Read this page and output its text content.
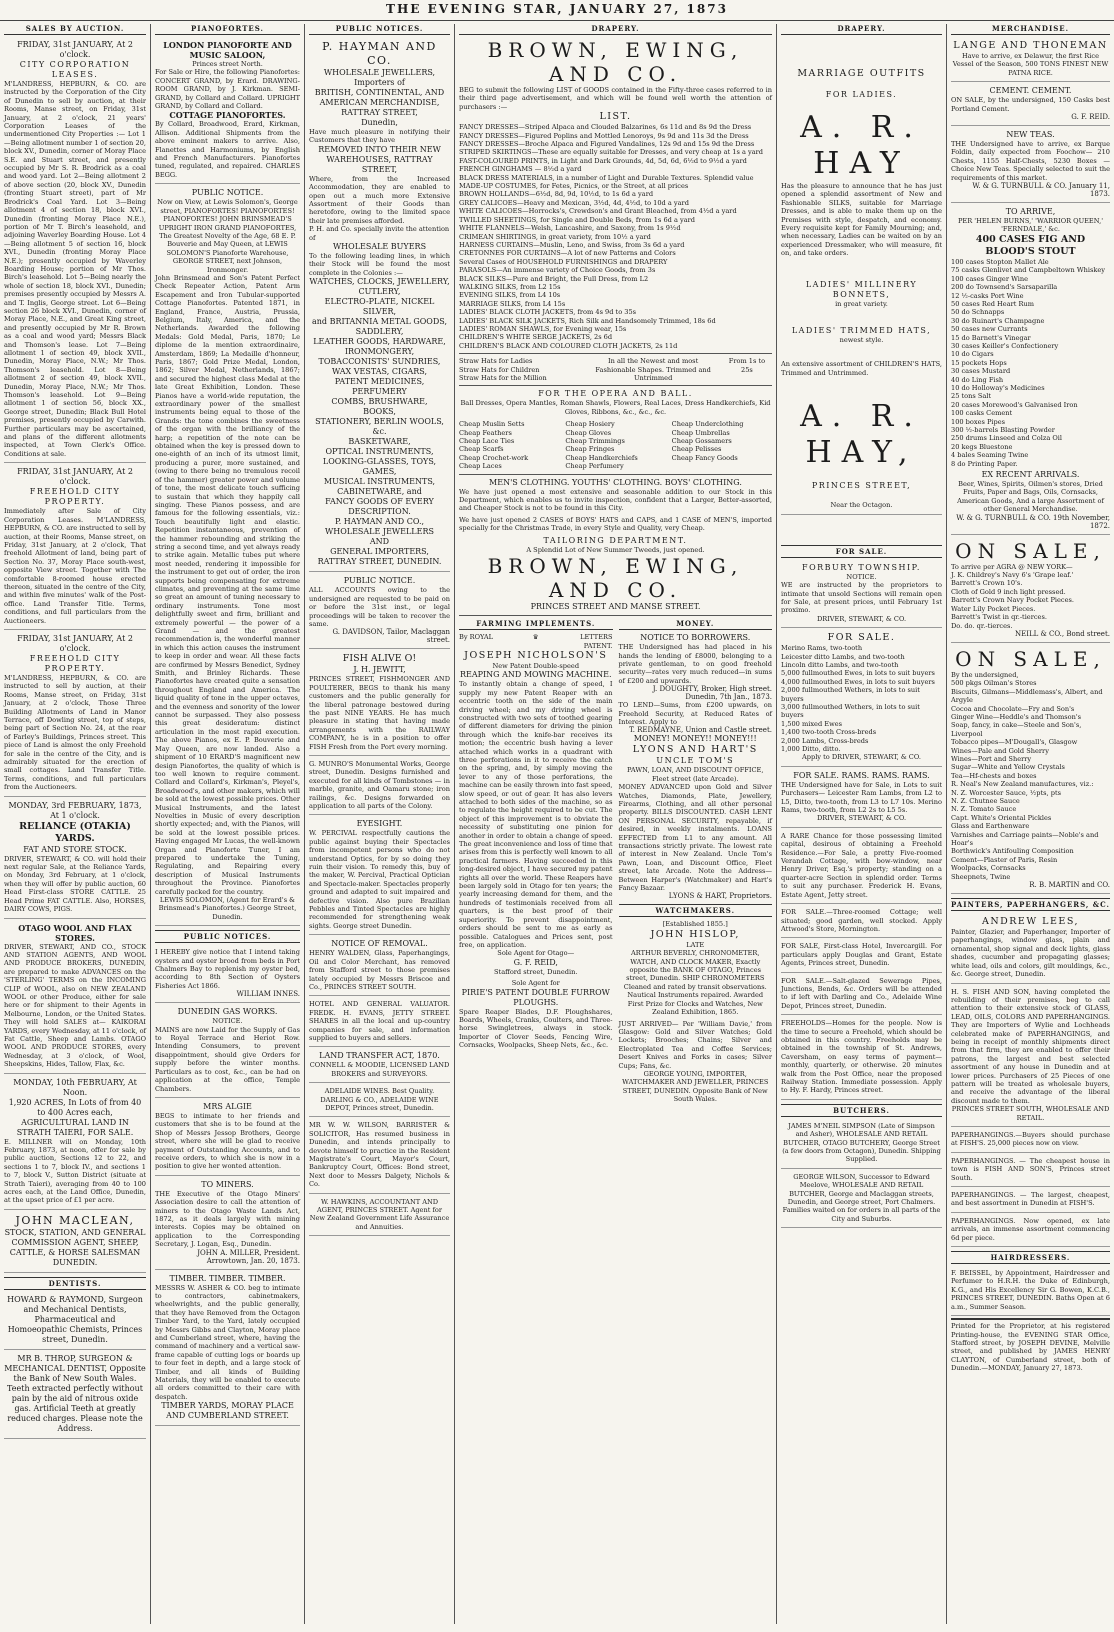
THE EVENING STAR, JANUARY 27, 1873
SALES BY AUCTION.
FRIDAY, 31st JANUARY, At 2 o'clock.
CITY CORPORATION LEASES.
M'LANDRESS, HEPBURN, & CO. are instructed by the Corporation of the City of Dunedin to sell by auction, at their Rooms, Manse street, on Friday, 31st January, at 2 o'clock, 21 years' Corporation Leases of the undermentioned City Properties :— Lot 1—Being allotment number 1 of section 20, block XV., Dunedin, corner of Moray Place S.E. and Stuart street, and presently occupied by Mr S. R. Brodrick as a coal and wood yard. Lot 2—Being allotment 2 of above section (20, block XV., Dunedin (fronting Stuart street), part of Mr Brodrick's Coal Yard. Lot 3—Being allotment 4 of section 18, block XVI., Dunedin (fronting Moray Place N.E.), portion of Mr T. Birch's leasehold, and adjoining Waverley Boarding House. Lot 4—Being allotment 5 of section 16, block XVI., Dunedin (fronting Moray Place N.E.); presently occupied by Waverley Boarding House; portion of Mr Thos. Birch's leasehold. Lot 5—Being nearly the whole of section 18, block XVI., Dunedin; premises presently occupied by Messrs A. and T. Inglis, George street. Lot 6—Being section 26 block XVI., Dunedin, corner of Moray Place, N.E., and Great King street, and presently occupied by Mr R. Brown as a coal and wood yard; Messrs Black and Thomson's lease. Lot 7—Being allotment 1 of section 49, block XVII., Dunedin, Moray Place, N.W.; Mr Thos. Thomson's leasehold. Lot 8—Being allotment 2 of section 49, block XVII., Dunedin, Moray Place, N.W.; Mr Thos. Thomson's leasehold. Lot 9—Being allotment 1 of section 56, block XX., George street, Dunedin; Black Bull Hotel premises, presently occupied by Carwith. Further particulars may be ascertained, and plans of the different allotments inspected, at Town Clerk's Office. Conditions at sale.
FRIDAY, 31st JANUARY, At 2 o'clock.
FREEHOLD CITY PROPERTY.
Immediately after Sale of City Corporation Leases. M'LANDRESS, HEPBURN, & CO. are instructed to sell by auction, at their Rooms, Manse street, on Friday, 31st January, at 2 o'clock, That freehold Allotment of land, being part of Section No. 37, Moray Place south-west, opposite View street. Together with The comfortable 8-roomed house erected thereon, situated in the centre of the City, and within five minutes' walk of the Post-office. Land Transfer Title. Terms, conditions, and full particulars from the Auctioneers.
FRIDAY, 31st JANUARY, At 2 o'clock.
FREEHOLD CITY PROPERTY.
M'LANDRESS, HEPBURN, & CO. are instructed to sell by auction, at their Rooms, Manse street, on Friday, 31st January, at 2 o'clock, Those Three Building Allotments of Land in Manor Terrace, off Dowling street, top of steps, being part of Section No. 24, at the rear of Farley's Buildings, Princes street. This piece of Land is almost the only Freehold for sale in the centre of the City, and is admirably situated for the erection of small cottages. Land Transfer Title. Terms, conditions, and full particulars from the Auctioneers.
MONDAY, 3rd FEBRUARY, 1873, At 1 o'clock.
RELIANCE (OTAKIA) YARDS.
FAT AND STORE STOCK.
DRIVER, STEWART, & CO. will hold their next regular Sale, at the Reliance Yards, on Monday, 3rd February, at 1 o'clock, when they will offer by public auction, 60 Head First-class STORE CATTLE. 25 Head Prime FAT CATTLE. Also, HORSES, DAIRY COWS, PIGS.
OTAGO WOOL AND FLAX STORES.
DRIVER, STEWART, AND CO., STOCK AND STATION AGENTS, AND WOOL AND PRODUCE BROKERS, DUNEDIN, are prepared to make ADVANCES on the 'STERLING' TERMS on the INCOMING CLIP of WOOL, also on NEW ZEALAND WOOL or other Produce, either for sale here or for shipment to their Agents in Melbourne, London, or the United States. They will hold SALES at— KAIKORAI YARDS, every Wednesday, at 11 o'clock, of Fat Cattle, Sheep and Lambs. OTAGO WOOL AND PRODUCE STORES, every Wednesday, at 3 o'clock, of Wool, Sheepskins, Hides, Tallow, Flax, &c.
MONDAY, 10th FEBRUARY, At Noon.
1,920 ACRES, In Lots of from 40 to 400 Acres each, AGRICULTURAL LAND IN STRATH TAIERI, FOR SALE.
E. MILLNER will on Monday, 10th February, 1873, at noon, offer for sale by public auction, Sections 12 to 22, and sections 1 to 7, block IV., and sections 1 to 7, block V., Sutton District (situate at Strath Taieri), averaging from 40 to 100 acres each, at the Land Office, Dunedin, at the upset price of £1 per acre.
JOHN MACLEAN,
STOCK, STATION, AND GENERAL COMMISSION AGENT, SHEEP, CATTLE, & HORSE SALESMAN DUNEDIN.
DENTISTS.
HOWARD & RAYMOND, Surgeon and Mechanical Dentists, Pharmaceutical and Homoeopathic Chemists, Princes street, Dunedin.
MR B. THROP, SURGEON & MECHANICAL DENTIST, Opposite the Bank of New South Wales. Teeth extracted perfectly without pain by the aid of nitrous oxide gas. Artificial Teeth at greatly reduced charges. Please note the Address.
PIANOFORTES.
LONDON PIANOFORTE AND MUSIC SALOON,
Princes street North.
For Sale or Hire, the following Pianofortes: CONCERT GRAND, by Erard. DRAWING-ROOM GRAND, by J. Kirkman. SEMI-GRAND, by Collard and Collard. UPRIGHT GRAND, by Collard and Collard.
COTTAGE PIANOFORTES.
By Collard, Broadwood, Erard, Kirkman, Allison. Additional Shipments from the above eminent makers to arrive. Also, Flanettes and Harmoniums, by English and French Manufacturers. Pianofortes tuned, regulated, and repaired. CHARLES BEGG.
PUBLIC NOTICE.
Now on View, at Lewis Solomon's, George street, PIANOFORTES! PIANOFORTES! PIANOFORTES! JOHN BRINSMEAD'S UPRIGHT IRON GRAND PIANOFORTES, The Greatest Novelty of the Age, 68 E. P. Bouverie and May Queen, at LEWIS SOLOMON'S Pianoforte Warehouse, GEORGE STREET, next Johnson, Ironmonger.
John Brinsmead and Son's Patent Perfect Check Repeater Action, Patent Arm Escapement and Iron Tubular-supported Cottage Pianofortes. Patented 1871, in England, France, Austria, Prussia, Belgium, Italy, America, and the Netherlands. Awarded the following Medals: Gold Medal, Paris, 1870; Le diplome de la mention extraordinaire, Amsterdam, 1869; La Medaille d'honneur, Paris, 1867; Gold Prize Medal, London, 1862; Silver Medal, Netherlands, 1867; and secured the highest class Medal at the late Great Exhibition, London. These Pianos have a world-wide reputation, the extraordinary power of the smallest instruments being equal to those of the Grands: the tone combines the sweetness of the organ with the brilliancy of the harp; a repetition of the note can be obtained when the key is pressed down to one-eighth of an inch of its utmost limit, producing a purer, more sustained, and (owing to there being no tremulous recoil of the hammer) greater power and volume of tone, the most delicate touch sufficing to sustain that which they happily call singing. These Pianos possess, and are famous for the following essentials, viz.: Touch beautifully light and elastic. Repetition instantaneous, prevention of the hammer rebounding and striking the string a second time, and yet always ready to strike again. Metallic tubes put where most needed, rendering it impossible for the instrument to get out of order, the iron supports being compensating for extreme climates, and preventing at the same time so great an amount of tuning necessary to ordinary instruments. Tone most delightfully sweet and firm, brilliant and extremely powerful — the power of a Grand — and the greatest recommendation is, the wonderful manner in which this action causes the instrument to keep in order and wear. All these facts are confirmed by Messrs Benedict, Sydney Smith, and Brinley Richards. These Pianofortes have created quite a sensation throughout England and America. The liquid quality of tone in the upper octaves, and the evenness and sonority of the lower cannot be surpassed. They also possess this great desideratum: distinct articulation in the most rapid execution. The above Pianos, ex E. P. Bouverie and May Queen, are now landed. Also a shipment of 10 ERARD'S magnificent new design Pianofortes, the quality of which is too well known to require comment. Collard and Collard's, Kirkman's, Pleyel's, Broadwood's, and other makers, which will be sold at the lowest possible prices. Other Musical Instruments, and the latest Novelties in Music of every description shortly expected; and, with the Pianos, will be sold at the lowest possible prices. Having engaged Mr Lucas, the well-known Organ and Pianoforte Tuner, I am prepared to undertake the Tuning, Regulating, and Repairing every description of Musical Instruments throughout the Province. Pianofortes carefully packed for the country.
LEWIS SOLOMON, (Agent for Erard's & Brinsmead's Pianofortes.) George Street, Dunedin.
PUBLIC NOTICES.
I HEREBY give notice that I intend taking oysters and oyster brood from beds in Port Chalmers Bay to replenish my oyster bed, according to 8th Section of Oysters Fisheries Act 1866.
WILLIAM INNES.
DUNEDIN GAS WORKS.
NOTICE.
MAINS are now Laid for the Supply of Gas to Royal Terrace and Heriot Row. Intending Consumers, to prevent disappointment, should give Orders for supply before the winter months. Particulars as to cost, &c., can be had on application at the office, Temple Chambers.
MRS ALGIE
BEGS to intimate to her friends and customers that she is to be found at the Shop of Messrs Jessop Brothers, George street, where she will be glad to receive payment of Outstanding Accounts, and to receive orders, to which she is now in a position to give her wonted attention.
TO MINERS.
THE Executive of the Otago Miners' Association desire to call the attention of miners to the Otago Waste Lands Act, 1872, as it deals largely with mining interests. Copies may be obtained on application to the Corresponding Secretary, J. Logan, Esq., Dunedin.
JOHN A. MILLER, President. Arrowtown, Jan. 20, 1873.
TIMBER. TIMBER. TIMBER.
MESSRS W. ASHER & CO. beg to intimate to contractors, cabinetmakers, wheelwrights, and the public generally, that they have Removed from the Octagon Timber Yard, to the Yard, lately occupied by Messrs Gibbs and Clayton, Moray place and Cumberland street, where, having the command of machinery and a vertical saw-frame capable of cutting logs or boards up to four feet in depth, and a large stock of Timber, and all kinds of Building Materials, they will be enabled to execute all orders committed to their care with despatch.
TIMBER YARDS, MORAY PLACE AND CUMBERLAND STREET.
PUBLIC NOTICES.
P. HAYMAN AND CO.
WHOLESALE JEWELLERS,
Importers of
BRITISH, CONTINENTAL, AND
AMERICAN MERCHANDISE,
RATTRAY STREET,
Dunedin,
Have much pleasure in notifying their Customers that they have
REMOVED INTO THEIR NEW WAREHOUSES, RATTRAY STREET,
Where, from the Increased Accommodation, they are enabled to open out a much more Extensive Assortment of their Goods than heretofore, owing to the limited space their late premises afforded.
P. H. and Co. specially invite the attention of
WHOLESALE BUYERS
To the following leading lines, in which their Stock will be found the most complete in the Colonies :—
WATCHES, CLOCKS, JEWELLERY,
CUTLERY,
ELECTRO-PLATE, NICKEL SILVER,
and BRITANNIA METAL GOODS,
SADDLERY,
LEATHER GOODS, HARDWARE,
IRONMONGERY,
TOBACCONISTS' SUNDRIES,
WAX VESTAS, CIGARS,
PATENT MEDICINES, PERFUMERY
COMBS, BRUSHWARE,
BOOKS,
STATIONERY, BERLIN WOOLS, &c.
BASKETWARE,
OPTICAL INSTRUMENTS,
LOOKING-GLASSES, TOYS, GAMES,
MUSICAL INSTRUMENTS,
CABINETWARE, and
FANCY GOODS OF EVERY DESCRIPTION.
P. HAYMAN AND CO.,
WHOLESALE JEWELLERS
AND
GENERAL IMPORTERS,
RATTRAY STREET, DUNEDIN.
PUBLIC NOTICE.
ALL ACCOUNTS owing to the undersigned are requested to be paid on or before the 31st inst., or legal proceedings will be taken to recover the same.
G. DAVIDSON, Tailor, Maclaggan street.
FISH ALIVE O!
J. H. JEWITT,
PRINCES STREET, FISHMONGER AND POULTERER, BEGS to thank his many customers and the public generally for the liberal patronage bestowed during the past NINE YEARS. He has much pleasure in stating that having made arrangements with the RAILWAY COMPANY, he is in a position to offer FISH Fresh from the Port every morning.
G. MUNRO'S Monumental Works, George street, Dunedin. Designs furnished and executed for all kinds of Tombstones — in marble, granite, and Oamaru stone; iron railings, &c. Designs forwarded on application to all parts of the Colony.
EYESIGHT.
W. PERCIVAL respectfully cautions the public against buying their Spectacles from incompetent persons who do not understand Optics, for by so doing they ruin their vision. To remedy this, buy of the maker, W. Percival, Practical Optician and Spectacle-maker. Spectacles properly ground and adapted to suit impaired and defective vision. Also pure Brazilian Pebbles and Tinted Spectacles are highly recommended for strengthening weak sights. George street Dunedin.
NOTICE OF REMOVAL.
HENRY WALDEN, Glass, Paperhangings, Oil and Color Merchant, has removed from Stafford street to those premises lately occupied by Messrs Briscoe and Co., PRINCES STREET SOUTH.
HOTEL AND GENERAL VALUATOR. FREDK. H. EVANS, JETTY STREET. SHARES in all the local and up-country companies for sale, and information supplied to buyers and sellers.
LAND TRANSFER ACT, 1870.
CONNELL & MOODIE, LICENSED LAND BROKERS and SURVEYORS.
ADELAIDE WINES. Best Quality. DARLING & CO., ADELAIDE WINE DEPOT, Princes street, Dunedin.
MR W. W. WILSON, BARRISTER & SOLICITOR, Has resumed business in Dunedin, and intends principally to devote himself to practice in the Resident Magistrate's Court, Mayor's Court, Bankruptcy Court, Offices: Bond street, Next door to Messrs Dalgety, Nichols & Co.
W. HAWKINS, ACCOUNTANT AND AGENT, PRINCES STREET. Agent for New Zealand Government Life Assurance and Annuities.
DRAPERY.
BROWN, EWING, AND CO.
BEG to submit the following LIST of GOODS contained in the Fifty-three cases referred to in their third page advertisement, and which will be found well worth the attention of purchasers :—
LIST.
FANCY DRESSES—Striped Alpaca and Clouded Balzarines, 6s 11d and 8s 9d the Dress
FANCY DRESSES—Figured Poplins and Mottled Lenoroys, 9s 9d and 11s 3d the Dress
FANCY DRESSES—Broche Alpaca and Figured Vandalines, 12s 9d and 15s 9d the Dress
STRIPED SKIRTINGS—These are equally suitable for Dresses, and very cheap at 1s a yard
FAST-COLOURED PRINTS, in Light and Dark Grounds, 4d, 5d, 6d, 6½d to 9½d a yard
FRENCH GINGHAMS — 8½d a yard
BLACK DRESS MATERIALS, in a number of Light and Durable Textures. Splendid value
MADE-UP COSTUMES, for Fetes, Picnics, or the Street, at all prices
BROWN HOLLANDS—6½d, 8d, 9d, 10½d, to 1s 6d a yard
GREY CALICOES—Heavy and Mexican, 3½d, 4d, 4½d, to 10d a yard
WHITE CALICOES—Horrocks's, Crewdson's and Grant Bleached, from 4½d a yard
TWILLED SHEETINGS, for Single and Double Beds, from 1s 6d a yard
WHITE FLANNELS—Welsh, Lancashire, and Saxony, from 1s 9½d
CRIMEAN SHIRTINGS, in great variety, from 10½ a yard
HARNESS CURTAINS—Muslin, Leno, and Swiss, from 3s 6d a yard
CRETONNES FOR CURTAINS—A lot of new Patterns and Colors
Several Cases of HOUSEHOLD FURNISHINGS and DRAPERY
PARASOLS—An immense variety of Choice Goods, from 3s
BLACK SILKS—Pure and Bright, the Full Dress, from L2
WALKING SILKS, from L2 15s
EVENING SILKS, from L4 10s
MARRIAGE SILKS, from L4 15s
LADIES' BLACK CLOTH JACKETS, from 4s 9d to 35s
LADIES' BLACK SILK JACKETS, Rich Silk and Handsomely Trimmed, 18s 6d
LADIES' ROMAN SHAWLS, for Evening wear, 15s
CHILDREN'S WHITE SERGE JACKETS, 2s 6d
CHILDREN'S BLACK AND COLOURED CLOTH JACKETS, 2s 11d
Straw Hats for Ladies
Straw Hats for Children
Straw Hats for the Million
In all the Newest and most Fashionable Shapes. Trimmed and Untrimmed
From 1s to 25s
FOR THE OPERA AND BALL.
Ball Dresses, Opera Mantles, Roman Shawls, Flowers, Real Laces, Dress Handkerchiefs, Kid Gloves, Ribbons, &c., &c., &c.
Cheap Muslin Setts
Cheap Feathers
Cheap Lace Ties
Cheap Scarfs
Cheap Crochet-work
Cheap Laces
Cheap Hosiery
Cheap Gloves
Cheap Trimmings
Cheap Fringes
Cheap Handkerchiefs
Cheap Perfumery
Cheap Underclothing
Cheap Umbrellas
Cheap Gossamers
Cheap Pelisses
Cheap Fancy Goods
MEN'S CLOTHING. YOUTHS' CLOTHING. BOYS' CLOTHING.
We have just opened a most extensive and seasonable addition to our Stock in this Department, which enables us to invite inspection, confident that a Larger, Better-assorted, and Cheaper Stock is not to be found in this City.
We have just opened 2 CASES of BOYS' HATS and CAPS, and 1 CASE of MEN'S, imported specially for the Christmas Trade, in every Style and Quality, very Cheap.
TAILORING DEPARTMENT.
A Splendid Lot of New Summer Tweeds, just opened.
BROWN, EWING, AND CO.
PRINCES STREET AND MANSE STREET.
FARMING IMPLEMENTS.
By ROYAL	♛	LETTERS PATENT.
JOSEPH NICHOLSON'S
New Patent Double-speed
REAPING AND MOWING MACHINE.
To instantly obtain a change of speed, I supply my new Patent Reaper with an eccentric tooth on the side of the main driving wheel; and my driving wheel is constructed with two sets of toothed gearing of different diameters for driving the pinion through which the knife-bar receives its motion; the eccentric bush having a lever attached which works in a quadrant with three perforations in it to receive the catch on the spring, and, by simply moving the lever to any of those perforations, the machine can be easily thrown into fast speed, slow speed, or out of gear. It has also levers attached to both sides of the machine, so as to regulate the height required to be cut. The object of this improvement is to obviate the necessity of substituting one pinion for another in order to obtain a change of speed. The great inconvenience and loss of time that arises from this is perfectly well known to all practical farmers. Having succeeded in this long-desired object, I have secured my patent rights all over the world. These Reapers have been largely sold in Otago for ten years; the yearly increasing demand for them, and the hundreds of testimonials received from all quarters, is the best proof of their superiority. To prevent disappointment, orders should be sent to me as early as possible. Catalogues and Prices sent, post free, on application.
Sole Agent for Otago—
G. F. REID,
Stafford street, Dunedin.
Sole Agent for
PIRIE'S PATENT DOUBLE FURROW PLOUGHS.
Spare Reaper Blades, D.F. Ploughshares, Boards, Wheels, Cranks, Coulters, and Three-horse Swingletrees, always in stock. Importer of Clover Seeds, Fencing Wire, Cornsacks, Woolpacks, Sheep Nets, &c., &c.
MONEY.
NOTICE TO BORROWERS.
THE Undersigned has had placed in his hands the lending of £8000, belonging to a private gentleman, to on good freehold security—rates very much reduced—in sums of £200 and upwards.
J. DOUGHTY, Broker, High street. Dunedin, 7th Jan., 1873.
TO LEND—Sums, from £200 upwards, on Freehold Security, at Reduced Rates of Interest. Apply to
T. REDMAYNE, Union and Castle street.
MONEY! MONEY!! MONEY!!!
LYONS AND HART'S
UNCLE TOM'S
PAWN, LOAN, AND DISCOUNT OFFICE, Fleet street (late Arcade).
MONEY ADVANCED upon Gold and Silver Watches, Diamonds, Plate, Jewellery, Firearms, Clothing, and all other personal property. BILLS DISCOUNTED. CASH LENT ON PERSONAL SECURITY, repayable, if desired, in weekly instalments. LOANS EFFECTED from L1 to any amount. All transactions strictly private. The lowest rate of interest in New Zealand. Uncle Tom's Pawn, Loan, and Discount Office, Fleet street, late Arcade. Note the Address— Between Harper's (Watchmaker) and Hart's Fancy Bazaar.
LYONS & HART, Proprietors.
WATCHMAKERS.
[Established 1855.]
JOHN HISLOP,
LATE
ARTHUR BEVERLY, CHRONOMETER, WATCH, AND CLOCK MAKER, Exactly opposite the BANK OF OTAGO, Princes street, Dunedin. SHIP CHRONOMETERS Cleaned and rated by transit observations. Nautical Instruments repaired. Awarded First Prize for Clocks and Watches, New Zealand Exhibition, 1865.
JUST ARRIVED— Per 'William Davie,' from Glasgow: Gold and Silver Watches; Gold Lockets; Brooches; Chains; Silver and Electroplated Tea and Coffee Services; Desert Knives and Forks in cases; Silver Cups; Fans, &c.
GEORGE YOUNG, IMPORTER, WATCHMAKER AND JEWELLER, PRINCES STREET, DUNEDIN. Opposite Bank of New South Wales.
DRAPERY.
MARRIAGE OUTFITS
FOR LADIES.
A. R. HAY
Has the pleasure to announce that he has just opened a splendid assortment of New and Fashionable SILKS, suitable for Marriage Dresses, and is able to make them up on the Premises with style, despatch, and economy. Every requisite kept for Family Mourning; and, when necessary, Ladies can be waited on by an experienced Dressmaker, who will measure, fit on, and take orders.
LADIES' MILLINERY BONNETS,
in great variety.
LADIES' TRIMMED HATS,
newest style.
An extensive assortment of CHILDREN'S HATS, Trimmed and Untrimmed.
A. R. HAY,
PRINCES STREET,
Near the Octagon.
FOR SALE.
FORBURY TOWNSHIP.
NOTICE.
WE are instructed by the proprietors to intimate that unsold Sections will remain open for Sale, at present prices, until February 1st proximo.
DRIVER, STEWART, & CO.
FOR SALE.
Merino Rams, two-tooth
Leicester ditto Lambs, and two-tooth
Lincoln ditto Lambs, and two-tooth
5,000 fullmouthed Ewes, in lots to suit buyers
4,000 fullmouthed Ewes, in lots to suit buyers
2,000 fullmouthed Wethers, in lots to suit buyers
3,000 fullmouthed Wethers, in lots to suit buyers
1,500 mixed Ewes
1,400 two-tooth Cross-breds
2,000 Lambs, Cross-breds
1,000 Ditto, ditto.
Apply to DRIVER, STEWART, & CO.
FOR SALE. RAMS. RAMS. RAMS.
THE Undersigned have for Sale, in Lots to suit Purchasers— Leicester Ram Lambs, from L2 to L5, Ditto, two-tooth, from L3 to L7 10s. Merino Rams, two-tooth, from L2 2s to L5 5s.
DRIVER, STEWART, & CO.
A RARE Chance for those possessing limited capital, desirous of obtaining a Freehold Residence.—For Sale, a pretty Five-roomed Verandah Cottage, with bow-window, near Henry Driver, Esq.'s property; standing on a quarter-acre Section in splendid order. Terms to suit any purchaser. Frederick H. Evans, Estate Agent, Jetty street.
FOR SALE.—Three-roomed Cottage; well situated; good garden, well stocked. Apply Attwood's Store, Mornington.
FOR SALE, First-class Hotel, Invercargill. For particulars apply Douglas and Grant, Estate Agents, Princes street, Dunedin.
FOR SALE.—Salt-glazed Sewerage Pipes, Junctions, Bends, &c. Orders will be attended to if left with Darling and Co., Adelaide Wine Depot, Princes street, Dunedin.
FREEHOLDS—Homes for the people. Now is the time to secure a Freehold, which should be obtained in this country. Freeholds may be obtained in the township of St. Andrews, Caversham, on easy terms of payment—monthly, quarterly, or otherwise. 20 minutes walk from the Post Office, near the proposed Railway Station. Immediate possession. Apply to Hy. F. Hardy, Princes street.
BUTCHERS.
JAMES M'NEIL SIMPSON (Late of Simpson and Asher), WHOLESALE AND RETAIL BUTCHER, OTAGO BUTCHERY, George Street (a few doors from Octagon), Dunedin. Shipping Supplied.
GEORGE WILSON, Successor to Edward Meelove, WHOLESALE AND RETAIL BUTCHER, George and Maclaggan streets, Dunedin, and George street, Port Chalmers. Families waited on for orders in all parts of the City and Suburbs.
MERCHANDISE.
LANGE AND THONEMAN
Have to arrive, ex Delawur, the first Rice Vessel of the Season, 500 TONS FINEST NEW PATNA RICE.
CEMENT. CEMENT.
ON SALE, by the undersigned, 150 Casks best Portland Cement.
G. F. REID.
NEW TEAS.
THE Undersigned have to arrive, ex Barque Foldin, daily expected from Foochow— 210 Chests, 1155 Half-Chests, 5230 Boxes — Choice New Teas. Specially selected to suit the requirements of this market.
W. & G. TURNBULL & CO. January 11, 1873.
TO ARRIVE,
PER 'HELEN BURNS,' 'WARRIOR QUEEN,' 'FERNDALE,' &c.
400 CASES FIG AND BLOOD'S STOUT
100 cases Stopton Mallet Ale
75 casks Glenlivet and Campbeltown Whiskey
100 cases Ginger Wine
200 do Townsend's Sarsaparilla
12 ½-casks Port Wine
50 cases Red Heart Rum
50 do Schnapps
30 do Ruinart's Champagne
50 cases new Currants
15 do Barnett's Vinegar
30 cases Keiller's Confectionery
10 do Cigars
15 pockets Hops
30 cases Mustard
40 do Ling Fish
10 do Holloway's Medicines
25 tons Salt
20 cases Morewood's Galvanised Iron
100 casks Cement
100 boxes Pipes
300 ½-barrels Blasting Powder
250 drums Linseed and Colza Oil
20 kegs Bluestone
4 bales Seaming Twine
8 do Printing Paper.
EX RECENT ARRIVALS.
Beer, Wines, Spirits, Oilmen's stores, Dried Fruits, Paper and Bags, Oils, Cornsacks, American Goods, And a large Assortment of other General Merchandise.
W. & G. TURNBULL & CO. 19th November, 1872.
ON SALE,
To arrive per AGRA @ NEW YORK—
J. K. Childrey's Navy 6's 'Grape leaf.'
Barrett's Crown 10's.
Cloth of Gold 9 inch light pressed.
Barrett's Crown Navy Pocket Pieces.
Water Lily Pocket Pieces.
Barrett's Twist in qr.-tierces.
Do. do. qr.-tierces.
NEILL & CO., Bond street.
ON SALE,
By the undersigned,
500 pkgs Oilman's Stores
Biscuits, Gilmans—Middlemass's, Albert, and Argyle
Cocoa and Chocolate—Fry and Son's
Ginger Wine—Heddle's and Thomson's
Soap, fancy, in cake—Steele and Son's, Liverpool
Tobacco pipes—M'Dougall's, Glasgow
Wines—Pale and Gold Sherry
Wines—Port and Sherry
Sugar—White and Yellow Crystals
Tea—Hf-chests and boxes
R. Neal's New Zealand manufactures, viz.:
N. Z. Worcester Sauce, ½pts, pts
N. Z. Chutnee Sauce
N. Z. Tomato Sauce
Capt. White's Oriental Pickles
Glass and Earthenware
Varnishes and Carriage paints—Noble's and Hoar's
Borthwick's Antifouling Composition
Cement—Plaster of Paris, Resin
Woolpacks, Cornsacks
Sheepnets, Twine
R. B. MARTIN and CO.
PAINTERS, PAPERHANGERS, &C.
ANDREW LEES,
Painter, Glazier, and Paperhanger, Importer of paperhangings, window glass, plain and ornamental, shop signal and deck lights, glass shades, cucumber and propagating glasses; white lead, oils and colors, gilt mouldings, &c., &c. George street, Dunedin.
H. S. FISH AND SON, having completed the rebuilding of their premises, beg to call attention to their extensive stock of GLASS, LEAD, OILS, COLORS AND PAPERHANGINGS. They are Importers of Wylie and Lochheads celebrated make of PAPERHANGINGS, and being in receipt of monthly shipments direct from that firm, they are enabled to offer their patrons, the largest and best selected assortment of any house in Dunedin and at lower prices. Purchasers of 25 Pieces of one pattern will be treated as wholesale buyers, and receive the advantage of the liberal discount made to them.
PRINCES STREET SOUTH, WHOLESALE AND RETAIL.
PAPERHANGINGS.—Buyers should purchase at FISH'S. 25,000 pieces now on view.
PAPERHANGINGS. — The cheapest house in town is FISH AND SON'S, Princes street South.
PAPERHANGINGS. — The largest, cheapest, and best assortment in Dunedin at FISH'S.
PAPERHANGINGS. Now opened, ex late arrivals, an immense assortment commencing 6d per piece.
HAIRDRESSERS.
F. BEISSEL, by Appointment, Hairdresser and Perfumer to H.R.H. the Duke of Edinburgh, K.G., and His Excellency Sir G. Bowen, K.C.B., PRINCES STREET, DUNEDIN. Baths Open at 6 a.m., Summer Season.
Printed for the Proprietor, at his registered Printing-house, the EVENING STAR Office, Stafford street, by JOSEPH DEVINE, Melville street, and published by JAMES HENRY CLAYTON, of Cumberland street, both of Dunedin.—MONDAY, January 27, 1873.
